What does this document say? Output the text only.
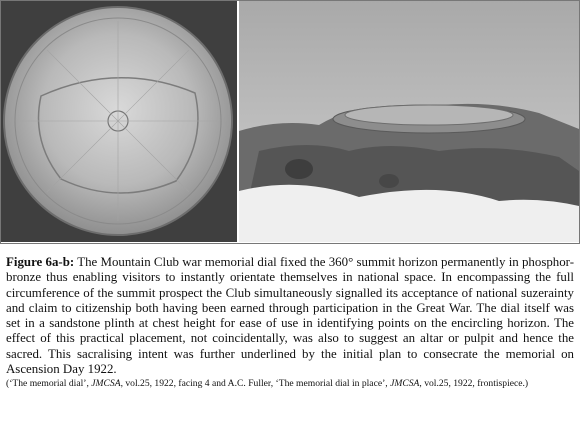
Figure 6a-b: The Mountain Club war memorial dial fixed the 360° summit horizon permanently in phosphor-bronze thus enabling visitors to instantly orientate themselves in national space. In encompassing the full circumference of the summit prospect the Club simultaneously signalled its acceptance of national suzerainty and claim to citizenship both having been earned through participation in the Great War. The dial itself was set in a sandstone plinth at chest height for ease of use in identifying points on the encircling horizon. The effect of this practical placement, not coincidentally, was also to suggest an altar or pulpit and hence the sacred. This sacralising intent was further underlined by the initial plan to consecrate the memorial on Ascension Day 1922.
(‘The memorial dial’, JMCSA, vol.25, 1922, facing 4 and A.C. Fuller, ‘The memorial dial in place’, JMCSA, vol.25, 1922, frontispiece.)
